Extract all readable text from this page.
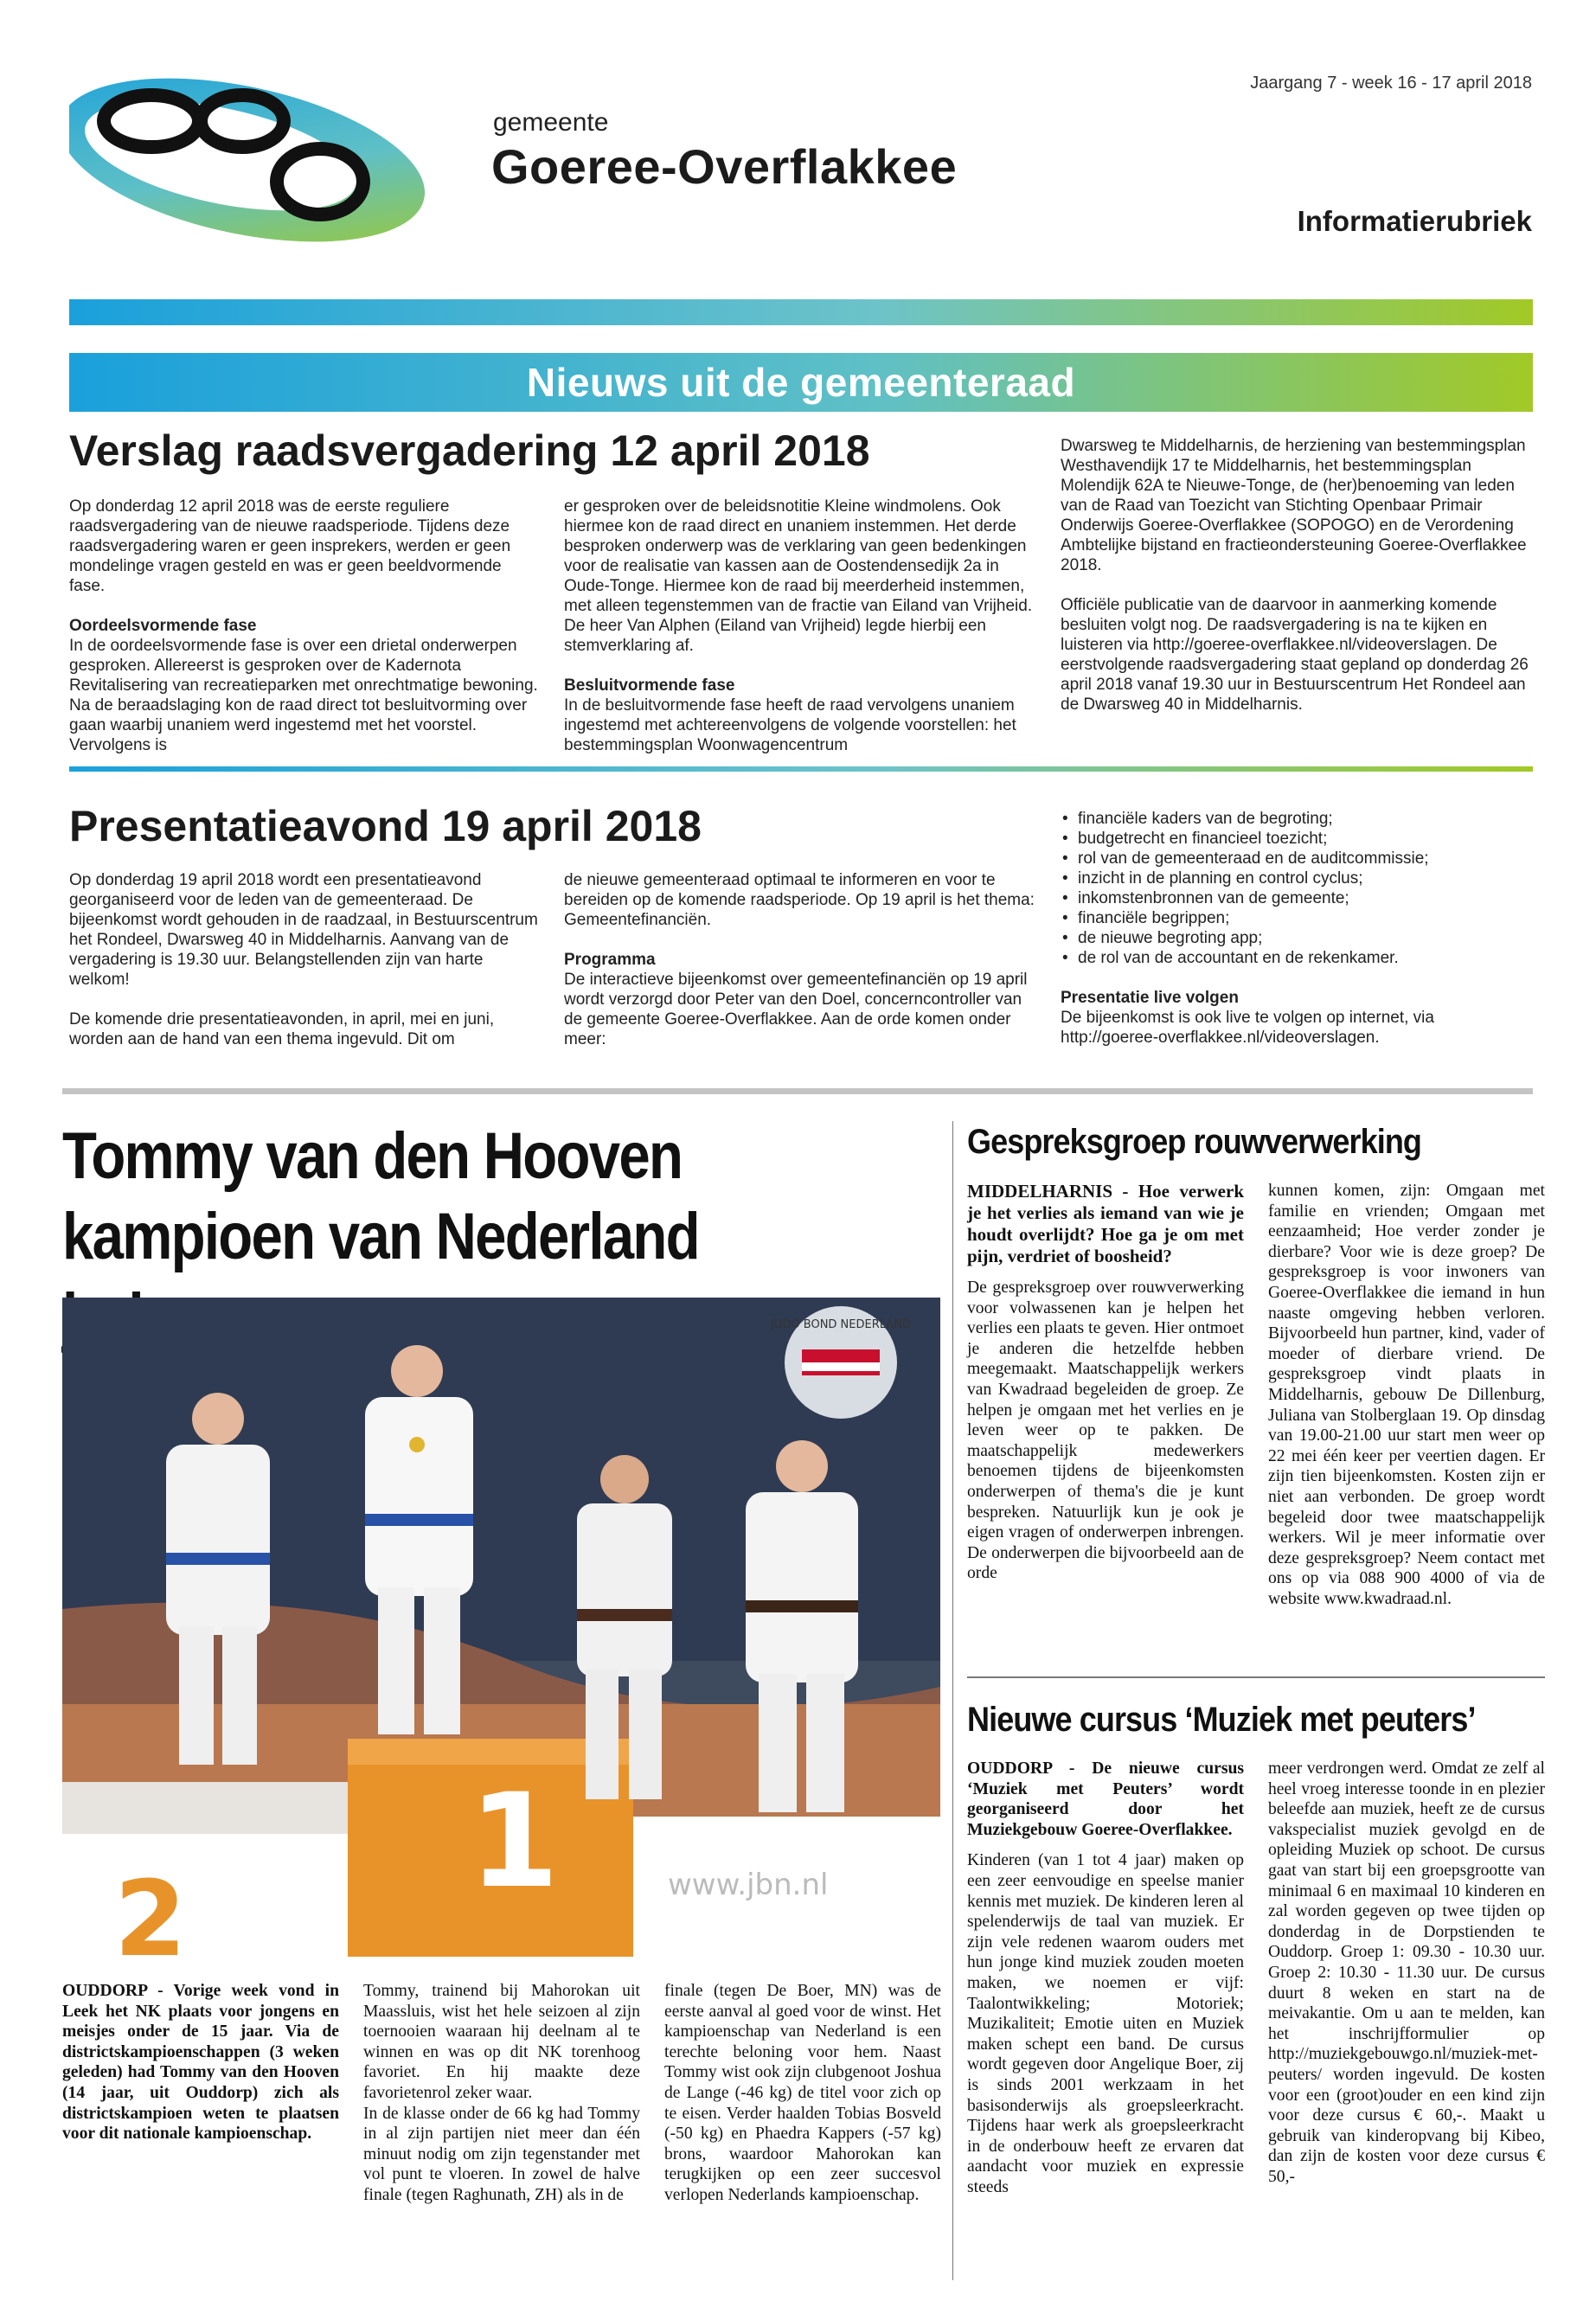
gemeente
Goeree-Overflakkee
Jaargang 7 - week 16 - 17 april 2018
Informatierubriek
Nieuws uit de gemeenteraad
Verslag raadsvergadering 12 april 2018

Op donderdag 12 april 2018 was de eerste reguliere raadsvergadering van de nieuwe raadsperiode. Tijdens deze raadsvergadering waren er geen insprekers, werden er geen mondelinge vragen gesteld en was er geen beeldvormende fase.

Oordeelsvormende fase

In de oordeelsvormende fase is over een drietal onderwerpen gesproken. Allereerst is gesproken over de Kadernota Revitalisering van recreatieparken met onrechtmatige bewoning. Na de beraadslaging kon de raad direct tot besluitvorming over gaan waarbij unaniem werd ingestemd met het voorstel. Vervolgens is

er gesproken over de beleidsnotitie Kleine windmolens. Ook hiermee kon de raad direct en unaniem instemmen. Het derde besproken onderwerp was de verklaring van geen bedenkingen voor de realisatie van kassen aan de Oostendensedijk 2a in Oude-Tonge. Hiermee kon de raad bij meerderheid instemmen, met alleen tegenstemmen van de fractie van Eiland van Vrijheid. De heer Van Alphen (Eiland van Vrijheid) legde hierbij een stemverklaring af.

Besluitvormende fase

In de besluitvormende fase heeft de raad vervolgens unaniem ingestemd met achtereenvolgens de volgende voorstellen: het bestemmingsplan Woonwagencentrum

Dwarsweg te Middelharnis, de herziening van bestemmingsplan Westhavendijk 17 te Middelharnis, het bestemmingsplan Molendijk 62A te Nieuwe-Tonge, de (her)benoeming van leden van de Raad van Toezicht van Stichting Openbaar Primair Onderwijs Goeree-Overflakkee (SOPOGO) en de Verordening Ambtelijke bijstand en fractieondersteuning Goeree-Overflakkee 2018.

Officiële publicatie van de daarvoor in aanmerking komende besluiten volgt nog. De raadsvergadering is na te kijken en luisteren via http://goeree-overflakkee.nl/videoverslagen. De eerstvolgende raadsvergadering staat gepland op donderdag 26 april 2018 vanaf 19.30 uur in Bestuurscentrum Het Rondeel aan de Dwarsweg 40 in Middelharnis.

Presentatieavond 19 april 2018

Op donderdag 19 april 2018 wordt een presentatieavond georganiseerd voor de leden van de gemeenteraad. De bijeenkomst wordt gehouden in de raadzaal, in Bestuurscentrum het Rondeel, Dwarsweg 40 in Middelharnis. Aanvang van de vergadering is 19.30 uur. Belangstellenden zijn van harte welkom!

De komende drie presentatieavonden, in april, mei en juni, worden aan de hand van een thema ingevuld. Dit om

de nieuwe gemeenteraad optimaal te informeren en voor te bereiden op de komende raadsperiode. Op 19 april is het thema: Gemeentefinanciën.

Programma

De interactieve bijeenkomst over gemeentefinanciën op 19 april wordt verzorgd door Peter van den Doel, concerncontroller van de gemeente Goeree-Overflakkee. Aan de orde komen onder meer:

• financiële kaders van de begroting;
• budgetrecht en financieel toezicht;
• rol van de gemeenteraad en de auditcommissie;
• inzicht in de planning en control cyclus;
• inkomstenbronnen van de gemeente;
• financiële begrippen;
• de nieuwe begroting app;
• de rol van de accountant en de rekenkamer.
Presentatie live volgen

De bijeenkomst is ook live te volgen op internet, via http://goeree-overflakkee.nl/videoverslagen.

Tommy van den Hooven
kampioen van Nederland
JUDO BOND NEDERLAND
1	www.jbn.nl
2

OUDDORP - Vorige week vond in Leek het NK plaats voor jongens en meisjes onder de 15 jaar. Via de districtskampioenschappen (3 weken geleden) had Tommy van den Hooven (14 jaar, uit Ouddorp) zich als districtskampioen weten te plaatsen voor dit nationale kampioenschap.

Tommy, trainend bij Mahorokan uit Maassluis, wist het hele seizoen al zijn toernooien waaraan hij deelnam al te winnen en was op dit NK torenhoog favoriet. En hij maakte deze favorietenrol zeker waar.

In de klasse onder de 66 kg had Tommy in al zijn partijen niet meer dan één minuut nodig om zijn tegenstander met vol punt te vloeren. In zowel de halve finale (tegen Raghunath, ZH) als in de

finale (tegen De Boer, MN) was de eerste aanval al goed voor de winst. Het kampioenschap van Nederland is een terechte beloning voor hem. Naast Tommy wist ook zijn clubgenoot Joshua de Lange (-46 kg) de titel voor zich op te eisen. Verder haalden Tobias Bosveld (-50 kg) en Phaedra Kappers (-57 kg) brons, waardoor Mahorokan kan terugkijken op een zeer succesvol verlopen Nederlands kampioenschap.

Gespreksgroep rouwverwerking

MIDDELHARNIS - Hoe verwerk je het verlies als iemand van wie je houdt overlijdt? Hoe ga je om met pijn, verdriet of boosheid?

De gespreksgroep over rouwverwerking voor volwassenen kan je helpen het verlies een plaats te geven. Hier ontmoet je anderen die hetzelfde hebben meegemaakt. Maatschappelijk werkers van Kwadraad begeleiden de groep. Ze helpen je omgaan met het verlies en je leven weer op te pakken. De maatschappelijk medewerkers benoemen tijdens de bijeenkomsten onderwerpen of thema's die je kunt bespreken. Natuurlijk kun je ook je eigen vragen of onderwerpen inbrengen. De onderwerpen die bijvoorbeeld aan de orde

kunnen komen, zijn: Omgaan met familie en vrienden; Omgaan met eenzaamheid; Hoe verder zonder je dierbare? Voor wie is deze groep? De gespreksgroep is voor inwoners van Goeree-Overflakkee die iemand in hun naaste omgeving hebben verloren. Bijvoorbeeld hun partner, kind, vader of moeder of dierbare vriend. De gespreksgroep vindt plaats in Middelharnis, gebouw De Dillenburg, Juliana van Stolberglaan 19. Op dinsdag van 19.00-21.00 uur start men weer op 22 mei één keer per veertien dagen. Er zijn tien bijeenkomsten. Kosten zijn er niet aan verbonden. De groep wordt begeleid door twee maatschappelijk werkers. Wil je meer informatie over deze gespreksgroep? Neem contact met ons op via 088 900 4000 of via de website www.kwadraad.nl.

Nieuwe cursus ‘Muziek met peuters’

OUDDORP - De nieuwe cursus ‘Muziek met Peuters’ wordt georganiseerd door het Muziekgebouw Goeree-Overflakkee.

Kinderen (van 1 tot 4 jaar) maken op een zeer eenvoudige en speelse manier kennis met muziek. De kinderen leren al spelenderwijs de taal van muziek. Er zijn vele redenen waarom ouders met hun jonge kind muziek zouden moeten maken, we noemen er vijf: Taalontwikkeling; Motoriek; Muzikaliteit; Emotie uiten en Muziek maken schept een band. De cursus wordt gegeven door Angelique Boer, zij is sinds 2001 werkzaam in het basisonderwijs als groepsleerkracht. Tijdens haar werk als groepsleerkracht in de onderbouw heeft ze ervaren dat aandacht voor muziek en expressie steeds

meer verdrongen werd. Omdat ze zelf al heel vroeg interesse toonde in en plezier beleefde aan muziek, heeft ze de cursus vakspecialist muziek gevolgd en de opleiding Muziek op schoot. De cursus gaat van start bij een groepsgrootte van minimaal 6 en maximaal 10 kinderen en zal worden gegeven op twee tijden op donderdag in de Dorpstienden te Ouddorp. Groep 1: 09.30 - 10.30 uur. Groep 2: 10.30 - 11.30 uur. De cursus duurt 8 weken en start na de meivakantie. Om u aan te melden, kan het inschrijfformulier op http://muziekgebouwgo.nl/muziek-met-peuters/ worden ingevuld. De kosten voor een (groot)ouder en een kind zijn voor deze cursus € 60,-. Maakt u gebruik van kinderopvang bij Kibeo, dan zijn de kosten voor deze cursus € 50,-
